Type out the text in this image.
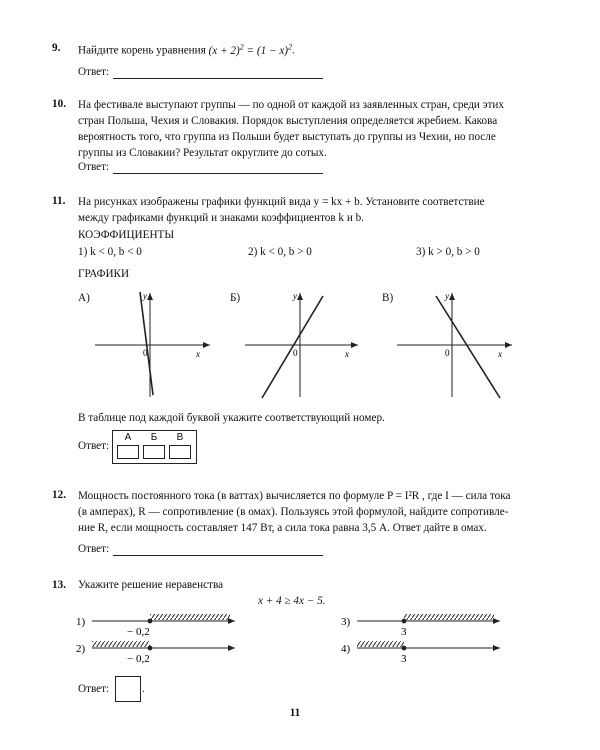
9. Найдите корень уравнения $(x + 2)^2 = (1 - x)^2$.
Ответ:
10. На фестивале выступают группы — по одной от каждой из заявленных стран, среди этих
стран Польша, Чехия и Словакия. Порядок выступления определяется жребием. Какова
вероятность того, что группа из Польши будет выступать до группы из Чехии, но после
группы из Словакии? Результат округлите до сотых.
Ответ:
11. На рисунках изображены графики функций вида y = kx + b. Установите соответствие
между графиками функций и знаками коэффициентов k и b.
КОЭФФИЦИЕНТЫ
1) k < 0, b < 0	2) k < 0, b > 0	3) k > 0, b > 0
ГРАФИКИ
А)	Б)	В)
y
x
0
y
x
0
y
x
0
В таблице под каждой буквой укажите соответствующий номер.
Ответ:
А	Б	В
12. Мощность постоянного тока (в ваттах) вычисляется по формуле P = I²R , где I — сила тока
(в амперах), R — сопротивление (в омах). Пользуясь этой формулой, найдите сопротивле-
ние R, если мощность составляет 147 Вт, а сила тока равна 3,5 А. Ответ дайте в омах.
Ответ:
13. Укажите решение неравенства
x + 4 ≥ 4x − 5.
1)
− 0,2
2)
− 0,2
3)
3
4)
3
Ответ:	.
11
